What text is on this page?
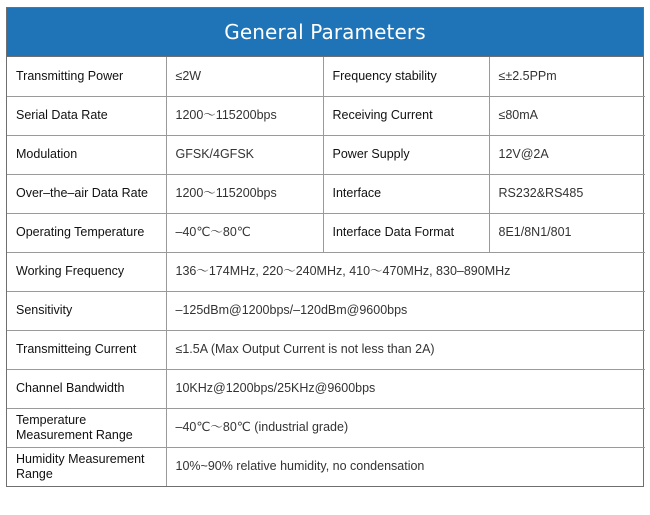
General Parameters
Transmitting Power	≤2W	Frequency stability	≤±2.5PPm
Serial Data Rate	1200～115200bps	Receiving Current	≤80mA
Modulation	GFSK/4GFSK	Power Supply	12V@2A
Over–the–air Data Rate	1200～115200bps	Interface	RS232&RS485
Operating Temperature	–40℃～80℃	Interface Data Format	8E1/8N1/801
Working Frequency	136～174MHz, 220～240MHz, 410～470MHz, 830–890MHz		
Sensitivity	–125dBm@1200bps/–120dBm@9600bps		
Transmitteing Current	≤1.5A (Max Output Current is not less than 2A)		
Channel Bandwidth	10KHz@1200bps/25KHz@9600bps		
Temperature Measurement Range	–40℃～80℃ (industrial grade)		
Humidity Measurement Range	10%~90% relative humidity, no condensation		
